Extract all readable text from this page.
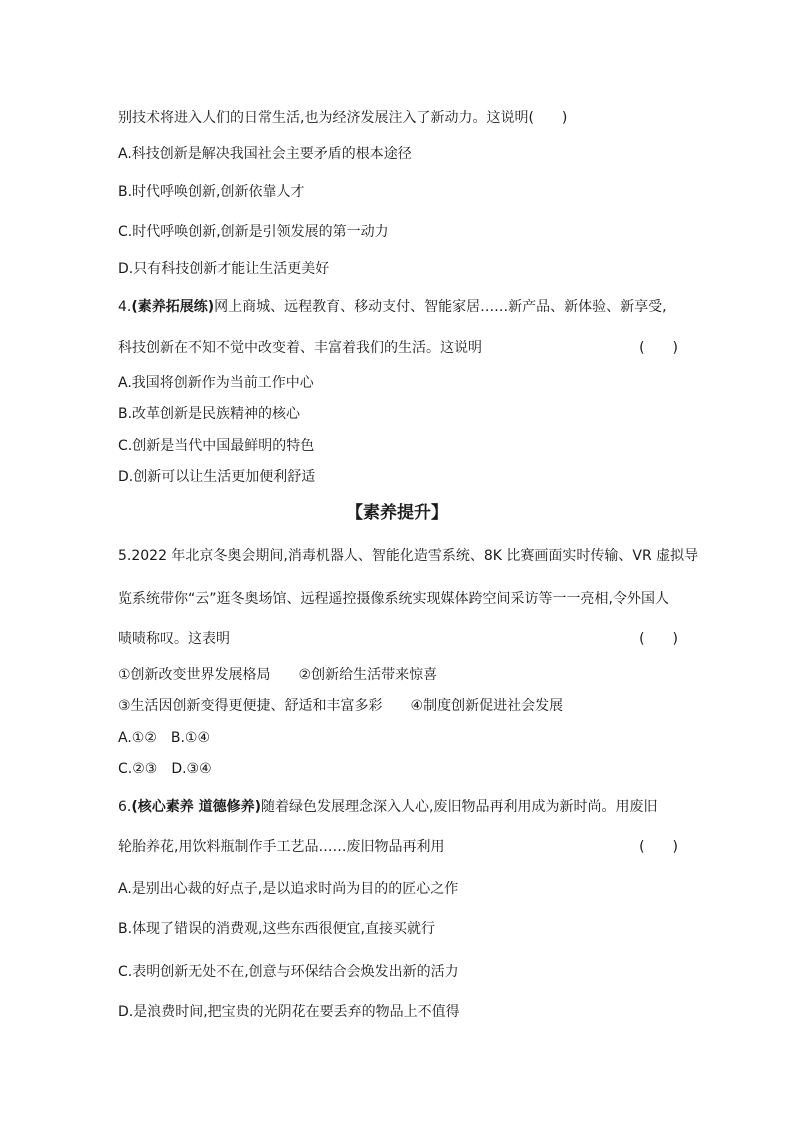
别技术将进入人们的日常生活,也为经济发展注入了新动力。这说明(　　)
A.科技创新是解决我国社会主要矛盾的根本途径
B.时代呼唤创新,创新依靠人才
C.时代呼唤创新,创新是引领发展的第一动力
D.只有科技创新才能让生活更美好
4.(素养拓展练)网上商城、远程教育、移动支付、智能家居……新产品、新体验、新享受,
科技创新在不知不觉中改变着、丰富着我们的生活。这说明	(　　)
A.我国将创新作为当前工作中心
B.改革创新是民族精神的核心
C.创新是当代中国最鲜明的特色
D.创新可以让生活更加便利舒适
【素养提升】
5.2022 年北京冬奥会期间,消毒机器人、智能化造雪系统、8K 比赛画面实时传输、VR 虚拟导
览系统带你“云”逛冬奥场馆、远程遥控摄像系统实现媒体跨空间采访等一一亮相,令外国人
啧啧称叹。这表明	(　　)
①创新改变世界发展格局　　②创新给生活带来惊喜
③生活因创新变得更便捷、舒适和丰富多彩　　④制度创新促进社会发展
A.①②　B.①④
C.②③　D.③④
6.(核心素养 道德修养)随着绿色发展理念深入人心,废旧物品再利用成为新时尚。用废旧
轮胎养花,用饮料瓶制作手工艺品……废旧物品再利用	(　　)
A.是别出心裁的好点子,是以追求时尚为目的的匠心之作
B.体现了错误的消费观,这些东西很便宜,直接买就行
C.表明创新无处不在,创意与环保结合会焕发出新的活力
D.是浪费时间,把宝贵的光阴花在要丢弃的物品上不值得
